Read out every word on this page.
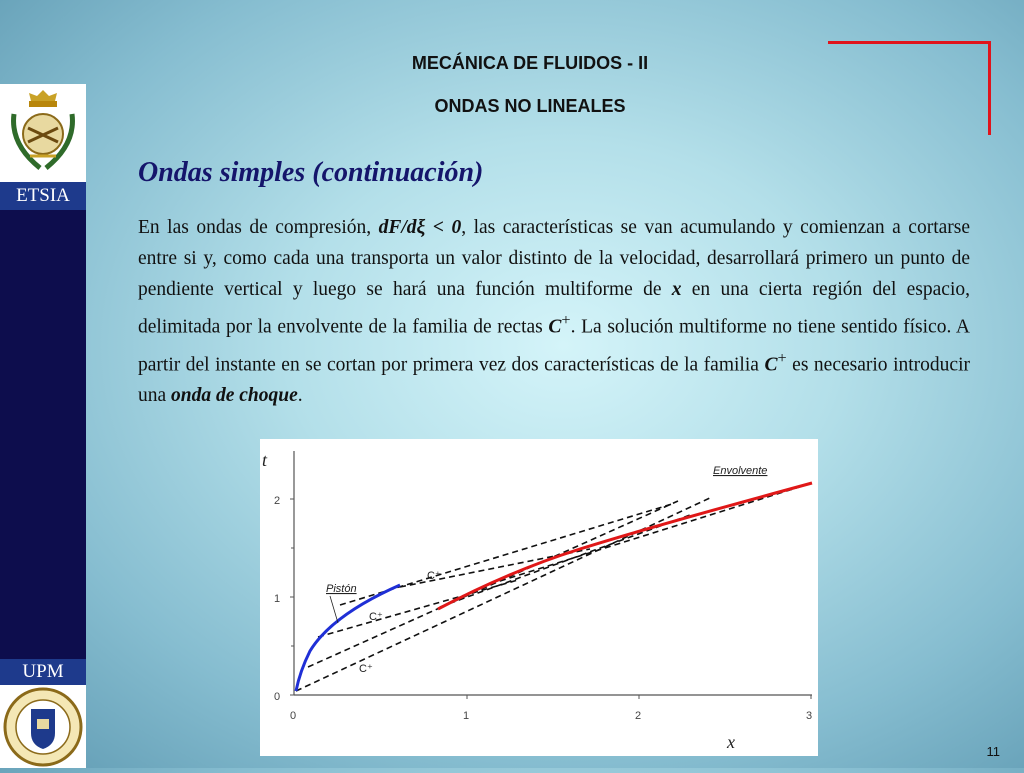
ETSIA
UPM
MECÁNICA DE FLUIDOS - II
ONDAS NO LINEALES
Ondas simples (continuación)
En las ondas de compresión, dF/dξ < 0, las características se van acumulando y comienzan a cortarse entre si y, como cada una transporta un valor distinto de la velocidad, desarrollará primero un punto de pendiente vertical y luego se hará una función multiforme de x en una cierta región del espacio, delimitada por la envolvente de la familia de rectas C+. La solución multiforme no tiene sentido físico. A partir del instante en se cortan por primera vez dos características de la familia C+ es necesario introducir una onda de choque.
0
1
2
0	1	2	3
t
x
Pistón
Envolvente
C⁺
C⁺
C⁺
11
